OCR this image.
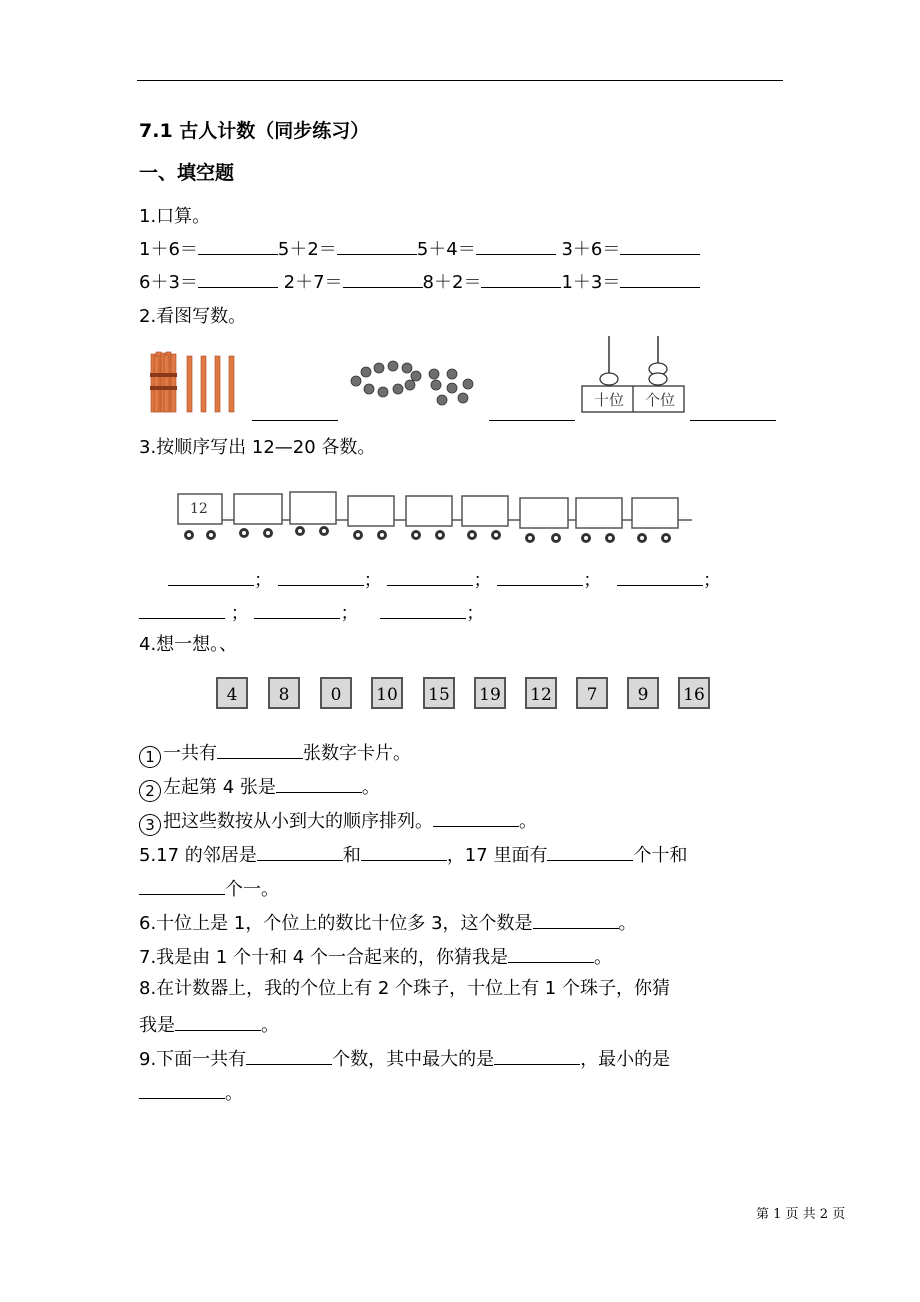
7.1 古人计数（同步练习）
一、填空题
1.口算。
1＋6＝	5＋2＝	5＋4＝	3＋6＝
6＋3＝	2＋7＝	8＋2＝	1＋3＝
2.看图写数。
十位	个位
3.按顺序写出 12—20 各数。
12
；	；	；	；	；
；	；	；
4.想一想。、
4	8	0	10	15	19	12	7	9	16
1 一共有	张数字卡片。
2 左起第 4 张是	。
3 把这些数按从小到大的顺序排列。	。
5.17 的邻居是	和	，17 里面有	个十和
个一。
6.十位上是 1，个位上的数比十位多 3，这个数是	。
7.我是由 1 个十和 4 个一合起来的，你猜我是	。
8.在计数器上，我的个位上有 2 个珠子，十位上有 1 个珠子，你猜
我是	。
9.下面一共有	个数，其中最大的是	，最小的是
。
第 1 页 共 2 页
